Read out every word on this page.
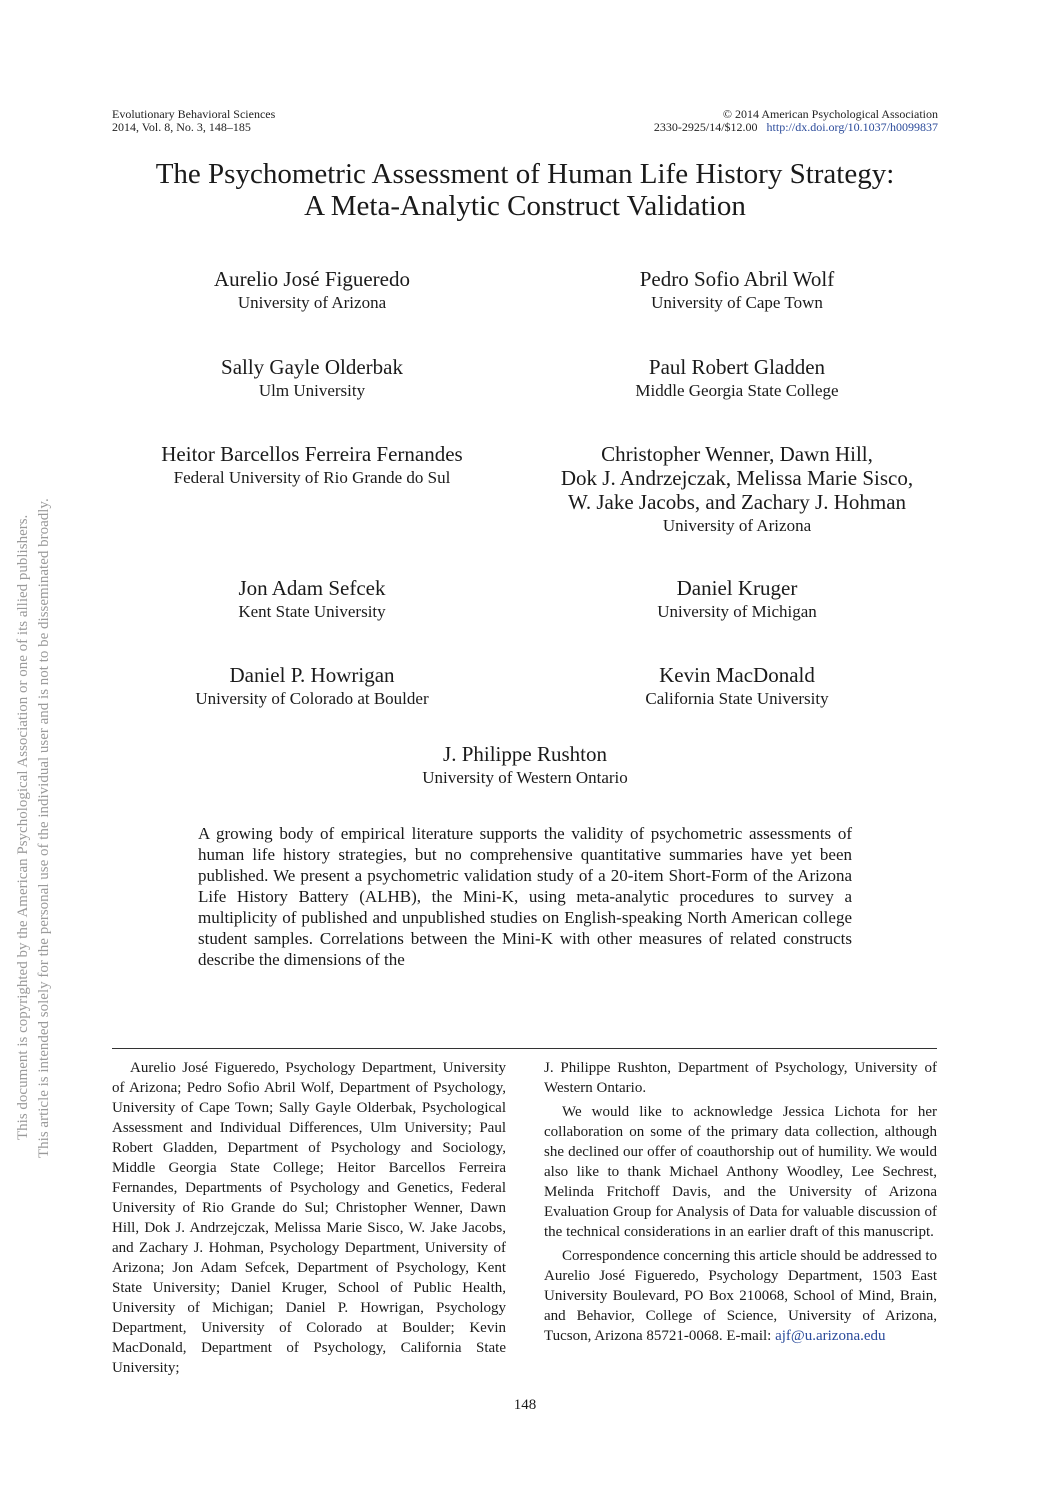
Evolutionary Behavioral Sciences
2014, Vol. 8, No. 3, 148–185
© 2014 American Psychological Association
2330-2925/14/$12.00 http://dx.doi.org/10.1037/h0099837
The Psychometric Assessment of Human Life History Strategy:
A Meta-Analytic Construct Validation
Aurelio José Figueredo
University of Arizona
Pedro Sofio Abril Wolf
University of Cape Town
Sally Gayle Olderbak
Ulm University
Paul Robert Gladden
Middle Georgia State College
Heitor Barcellos Ferreira Fernandes
Federal University of Rio Grande do Sul
Christopher Wenner, Dawn Hill,
Dok J. Andrzejczak, Melissa Marie Sisco,
W. Jake Jacobs, and Zachary J. Hohman
University of Arizona
Jon Adam Sefcek
Kent State University
Daniel Kruger
University of Michigan
Daniel P. Howrigan
University of Colorado at Boulder
Kevin MacDonald
California State University
J. Philippe Rushton
University of Western Ontario
A growing body of empirical literature supports the validity of psychometric assessments of human life history strategies, but no comprehensive quantitative summaries have yet been published. We present a psychometric validation study of a 20-item Short-Form of the Arizona Life History Battery (ALHB), the Mini-K, using meta-analytic procedures to survey a multiplicity of published and unpublished studies on English-speaking North American college student samples. Correlations between the Mini-K with other measures of related constructs describe the dimensions of the

Aurelio José Figueredo, Psychology Department, University of Arizona; Pedro Sofio Abril Wolf, Department of Psychology, University of Cape Town; Sally Gayle Olderbak, Psychological Assessment and Individual Differences, Ulm University; Paul Robert Gladden, Department of Psychology and Sociology, Middle Georgia State College; Heitor Barcellos Ferreira Fernandes, Departments of Psychology and Genetics, Federal University of Rio Grande do Sul; Christopher Wenner, Dawn Hill, Dok J. Andrzejczak, Melissa Marie Sisco, W. Jake Jacobs, and Zachary J. Hohman, Psychology Department, University of Arizona; Jon Adam Sefcek, Department of Psychology, Kent State University; Daniel Kruger, School of Public Health, University of Michigan; Daniel P. Howrigan, Psychology Department, University of Colorado at Boulder; Kevin MacDonald, Department of Psychology, California State University;

J. Philippe Rushton, Department of Psychology, University of Western Ontario.

We would like to acknowledge Jessica Lichota for her collaboration on some of the primary data collection, although she declined our offer of coauthorship out of humility. We would also like to thank Michael Anthony Woodley, Lee Sechrest, Melinda Fritchoff Davis, and the University of Arizona Evaluation Group for Analysis of Data for valuable discussion of the technical considerations in an earlier draft of this manuscript.

Correspondence concerning this article should be addressed to Aurelio José Figueredo, Psychology Department, 1503 East University Boulevard, PO Box 210068, School of Mind, Brain, and Behavior, College of Science, University of Arizona, Tucson, Arizona 85721-0068. E-mail: ajf@u.arizona.edu

148
This document is copyrighted by the American Psychological Association or one of its allied publishers. This article is intended solely for the personal use of the individual user and is not to be disseminated broadly.
